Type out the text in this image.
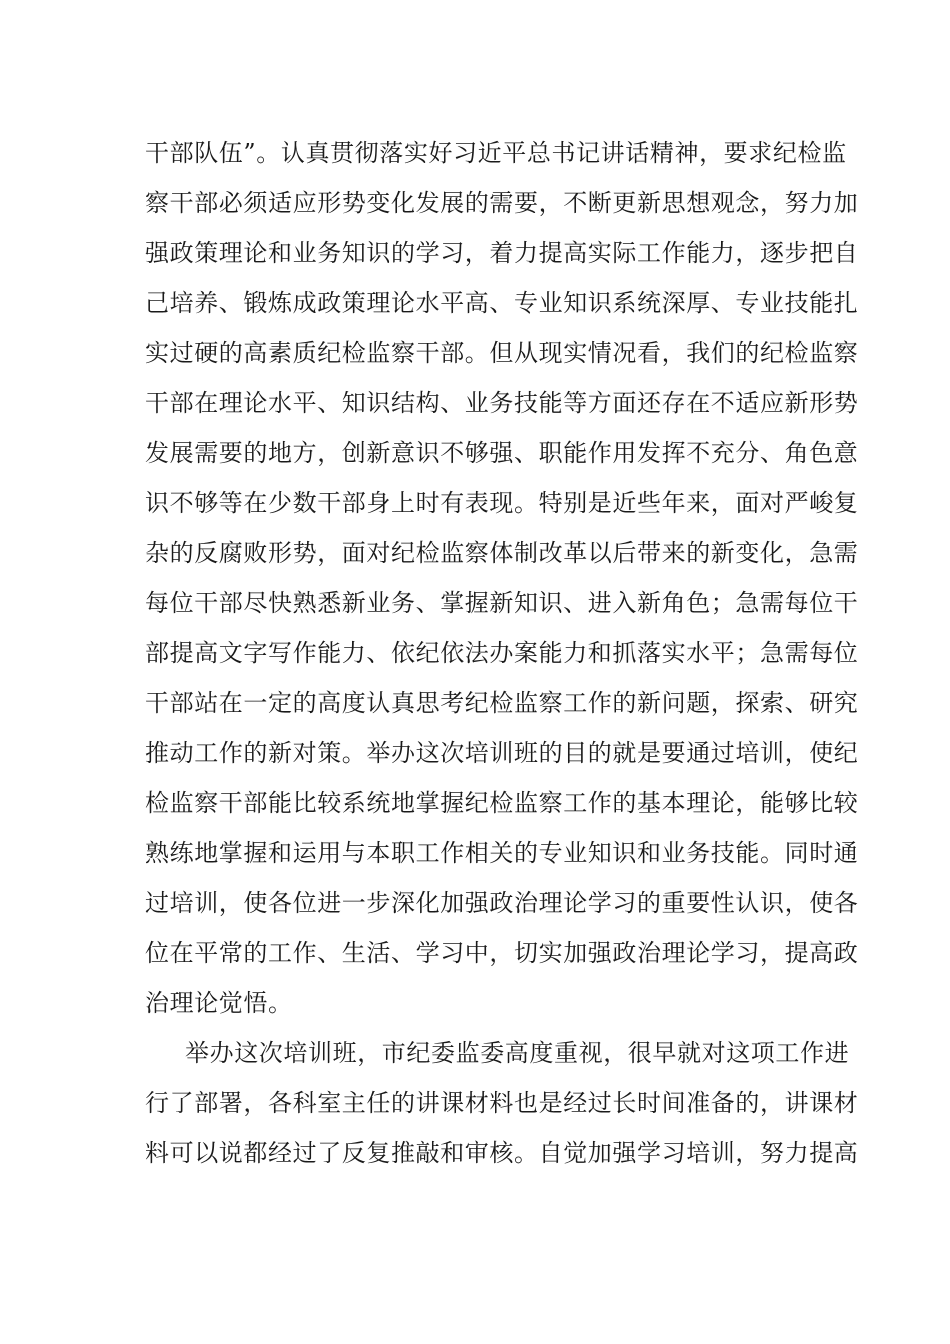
干部队伍”。认真贯彻落实好习近平总书记讲话精神，要求纪检监
察干部必须适应形势变化发展的需要，不断更新思想观念，努力加
强政策理论和业务知识的学习，着力提高实际工作能力，逐步把自
己培养、锻炼成政策理论水平高、专业知识系统深厚、专业技能扎
实过硬的高素质纪检监察干部。但从现实情况看，我们的纪检监察
干部在理论水平、知识结构、业务技能等方面还存在不适应新形势
发展需要的地方，创新意识不够强、职能作用发挥不充分、角色意
识不够等在少数干部身上时有表现。特别是近些年来，面对严峻复
杂的反腐败形势，面对纪检监察体制改革以后带来的新变化，急需
每位干部尽快熟悉新业务、掌握新知识、进入新角色；急需每位干
部提高文字写作能力、依纪依法办案能力和抓落实水平；急需每位
干部站在一定的高度认真思考纪检监察工作的新问题，探索、研究
推动工作的新对策。举办这次培训班的目的就是要通过培训，使纪
检监察干部能比较系统地掌握纪检监察工作的基本理论，能够比较
熟练地掌握和运用与本职工作相关的专业知识和业务技能。同时通
过培训，使各位进一步深化加强政治理论学习的重要性认识，使各
位在平常的工作、生活、学习中，切实加强政治理论学习，提高政
治理论觉悟。
举办这次培训班，市纪委监委高度重视，很早就对这项工作进
行了部署，各科室主任的讲课材料也是经过长时间准备的，讲课材
料可以说都经过了反复推敲和审核。自觉加强学习培训，努力提高
